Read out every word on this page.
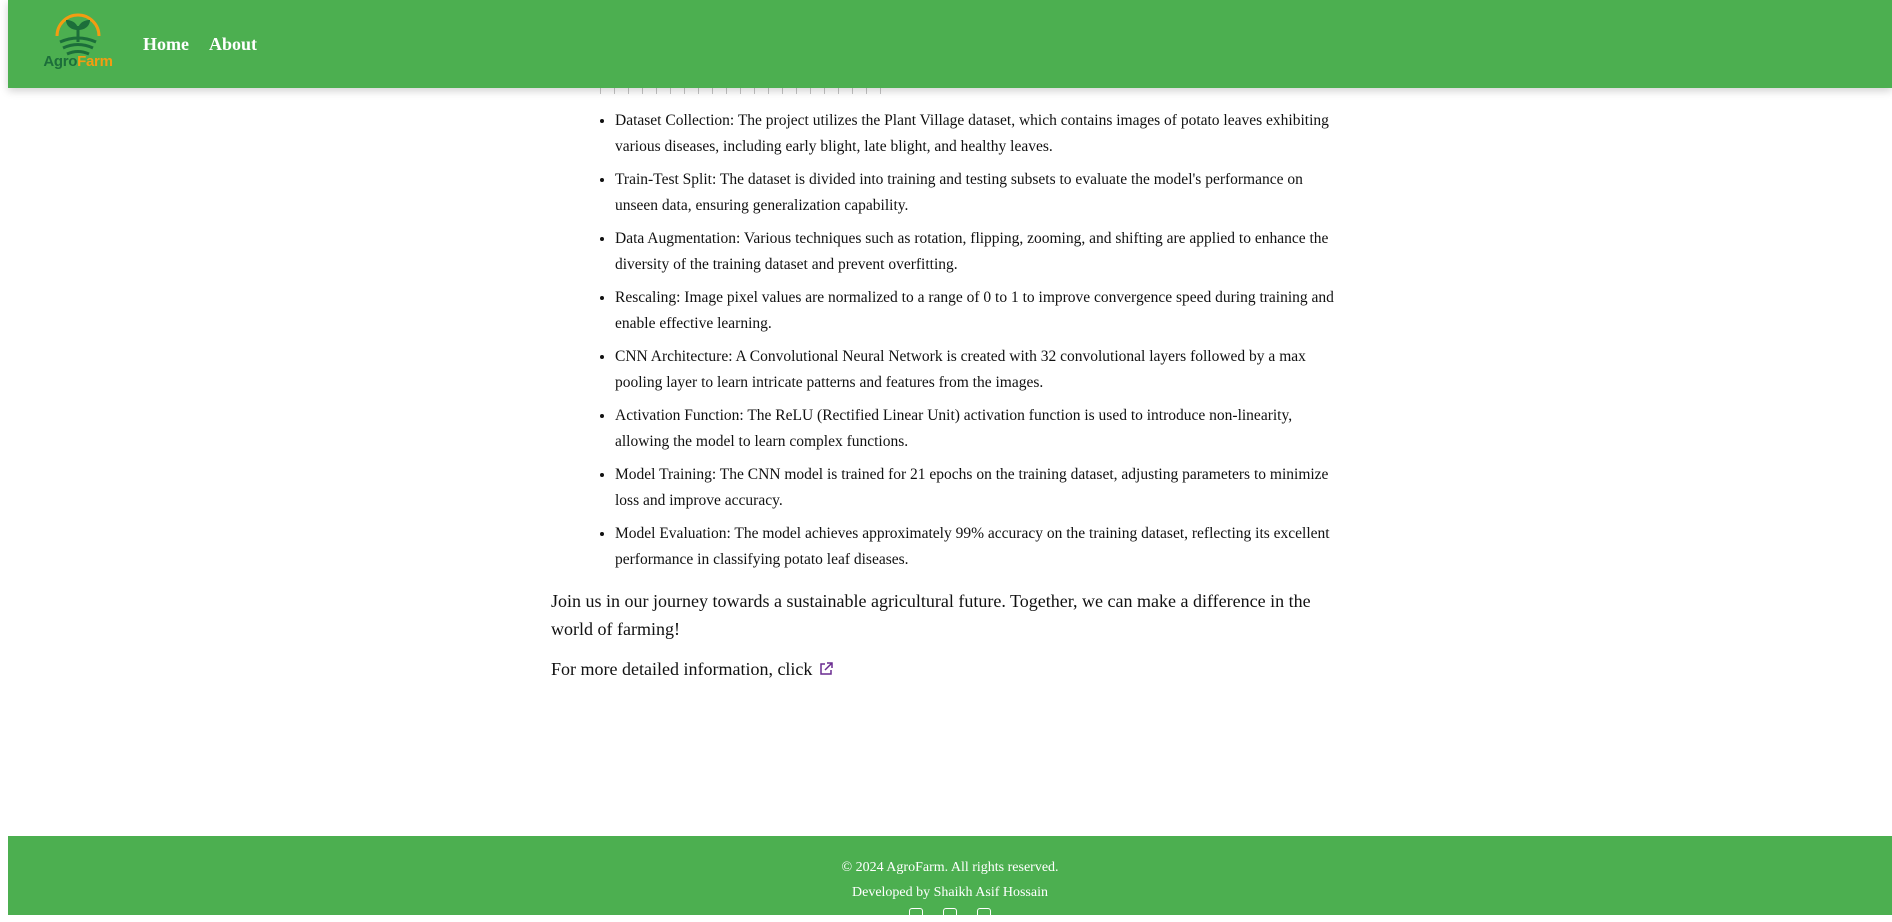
AgroFarm
Home About
• Dataset Collection: The project utilizes the Plant Village dataset, which contains images of potato leaves exhibiting various diseases, including early blight, late blight, and healthy leaves.
• Train-Test Split: The dataset is divided into training and testing subsets to evaluate the model's performance on unseen data, ensuring generalization capability.
• Data Augmentation: Various techniques such as rotation, flipping, zooming, and shifting are applied to enhance the diversity of the training dataset and prevent overfitting.
• Rescaling: Image pixel values are normalized to a range of 0 to 1 to improve convergence speed during training and enable effective learning.
• CNN Architecture: A Convolutional Neural Network is created with 32 convolutional layers followed by a max pooling layer to learn intricate patterns and features from the images.
• Activation Function: The ReLU (Rectified Linear Unit) activation function is used to introduce non-linearity, allowing the model to learn complex functions.
• Model Training: The CNN model is trained for 21 epochs on the training dataset, adjusting parameters to minimize loss and improve accuracy.
• Model Evaluation: The model achieves approximately 99% accuracy on the training dataset, reflecting its excellent performance in classifying potato leaf diseases.

Join us in our journey towards a sustainable agricultural future. Together, we can make a difference in the world of farming!

For more detailed information, click

© 2024 AgroFarm. All rights reserved.
Developed by Shaikh Asif Hossain
